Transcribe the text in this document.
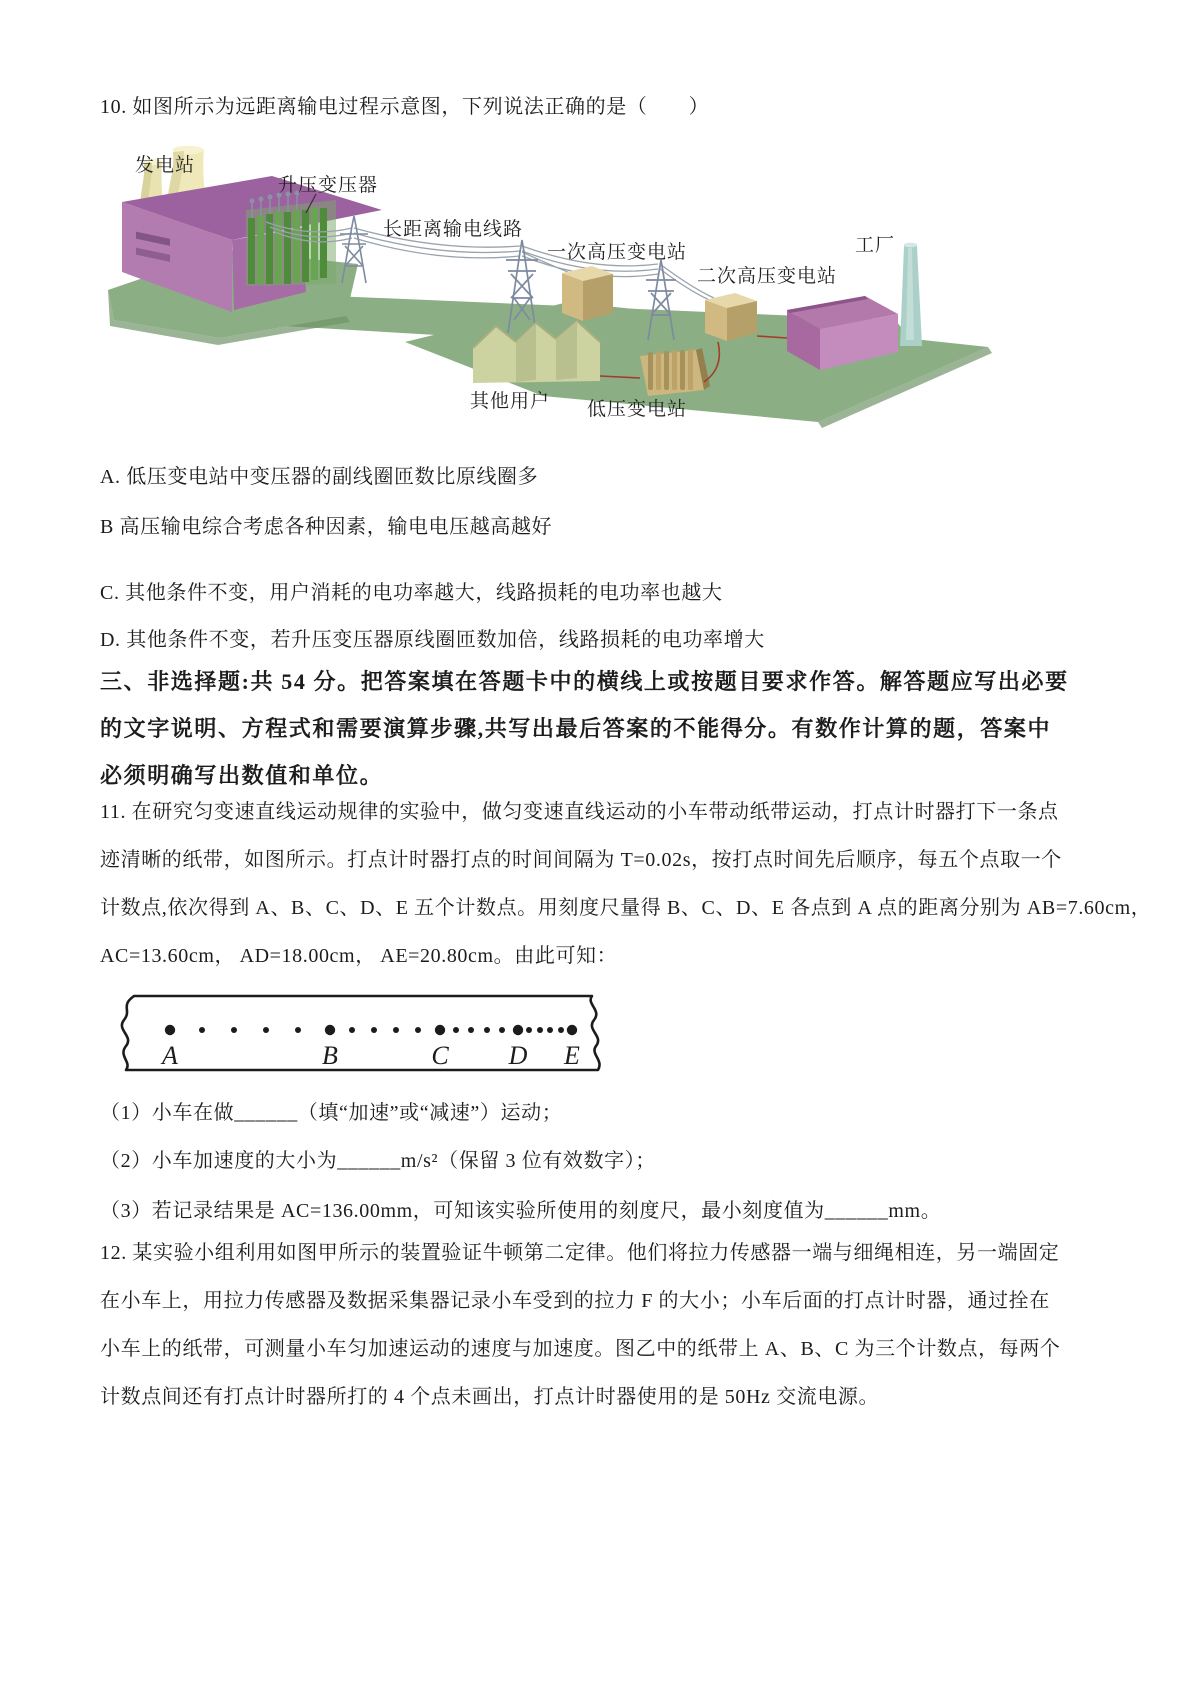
10. 如图所示为远距离输电过程示意图，下列说法正确的是（　　）
发电站
升压变压器
长距离输电线路
一次高压变电站
二次高压变电站
工厂
其他用户 低压变电站
A. 低压变电站中变压器的副线圈匝数比原线圈多
B 高压输电综合考虑各种因素，输电电压越高越好
C. 其他条件不变，用户消耗的电功率越大，线路损耗的电功率也越大
D. 其他条件不变，若升压变压器原线圈匝数加倍，线路损耗的电功率增大
三、非选择题:共 54 分。把答案填在答题卡中的横线上或按题目要求作答。解答题应写出必要
的文字说明、方程式和需要演算步骤,共写出最后答案的不能得分。有数作计算的题，答案中
必须明确写出数值和单位。
11. 在研究匀变速直线运动规律的实验中，做匀变速直线运动的小车带动纸带运动，打点计时器打下一条点
迹清晰的纸带，如图所示。打点计时器打点的时间间隔为 T=0.02s，按打点时间先后顺序，每五个点取一个
计数点,依次得到 A、B、C、D、E 五个计数点。用刻度尺量得 B、C、D、E 各点到 A 点的距离分别为 AB=7.60cm，
AC=13.60cm， AD=18.00cm， AE=20.80cm。由此可知：
A	B	C D E
（1）小车在做______（填“加速”或“减速”）运动；
（2）小车加速度的大小为______m/s²（保留 3 位有效数字）；
（3）若记录结果是 AC=136.00mm，可知该实验所使用的刻度尺，最小刻度值为______mm。
12. 某实验小组利用如图甲所示的装置验证牛顿第二定律。他们将拉力传感器一端与细绳相连，另一端固定
在小车上，用拉力传感器及数据采集器记录小车受到的拉力 F 的大小；小车后面的打点计时器，通过拴在
小车上的纸带，可测量小车匀加速运动的速度与加速度。图乙中的纸带上 A、B、C 为三个计数点，每两个
计数点间还有打点计时器所打的 4 个点未画出，打点计时器使用的是 50Hz 交流电源。
